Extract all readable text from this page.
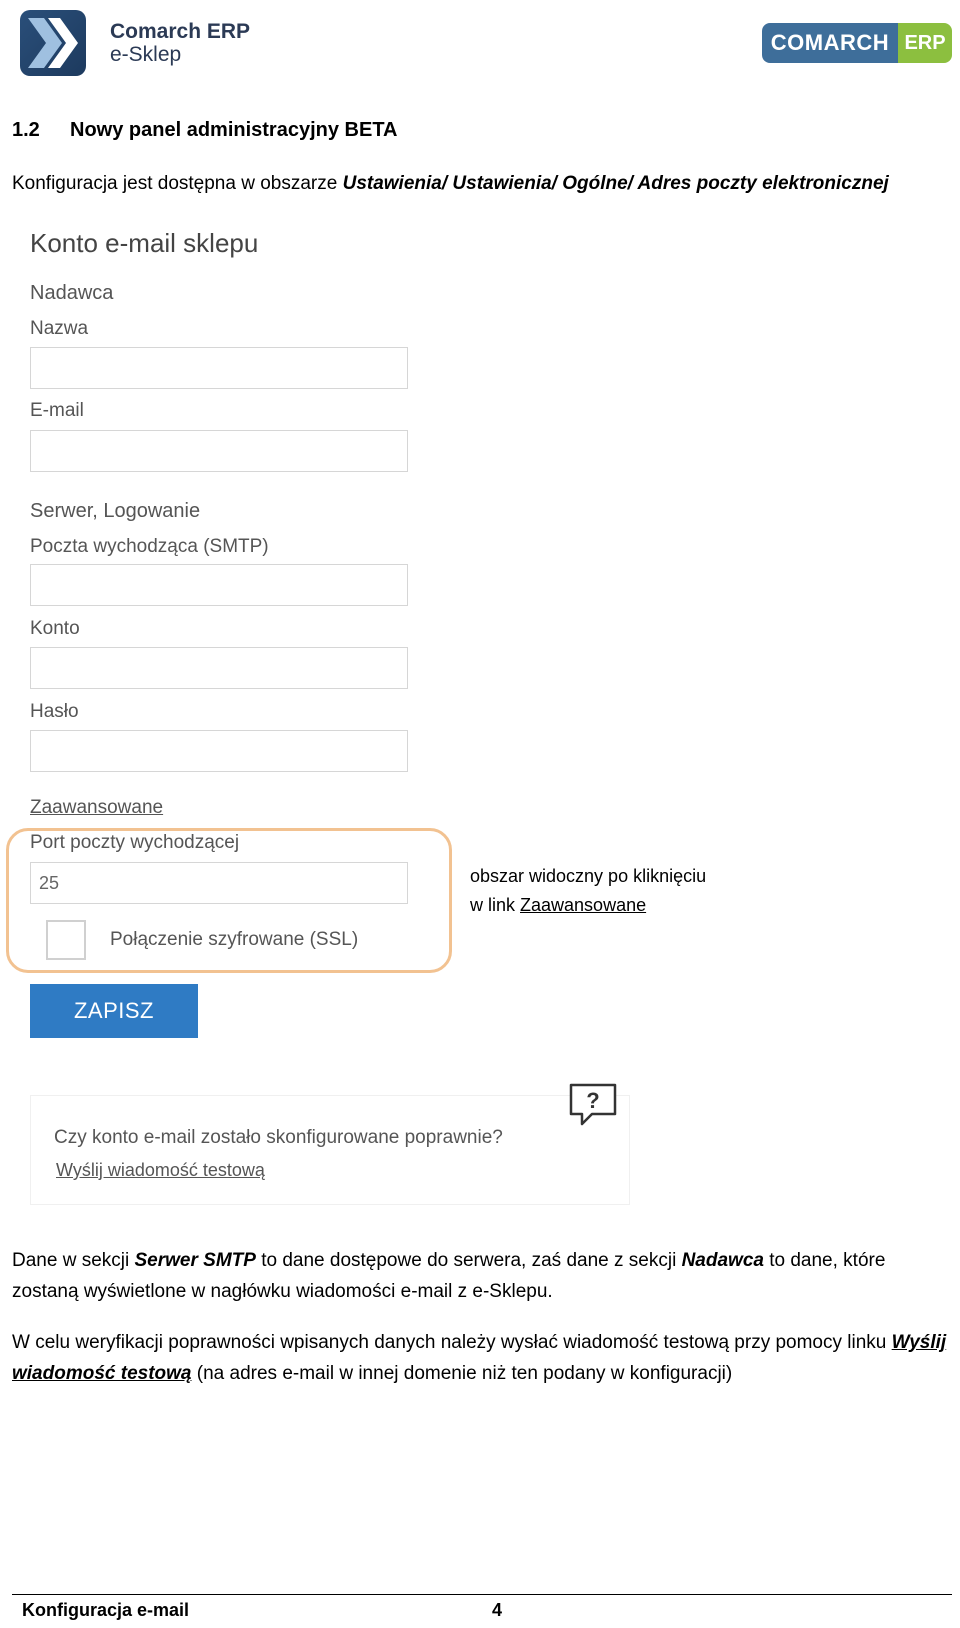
Comarch ERP
e-Sklep	COMARCH ERP
1.2 Nowy panel administracyjny BETA
Konfiguracja jest dostępna w obszarze Ustawienia/ Ustawienia/ Ogólne/ Adres poczty elektronicznej
Konto e-mail sklepu
Nadawca
Nazwa
E-mail
Serwer, Logowanie
Poczta wychodząca (SMTP)
Konto
Hasło
Zaawansowane
Port poczty wychodzącej
25
Połączenie szyfrowane (SSL)
ZAPISZ
obszar widoczny po kliknięciu
w link Zaawansowane
Czy konto e-mail zostało skonfigurowane poprawnie?
Wyślij wiadomość testową
?
Dane w sekcji Serwer SMTP to dane dostępowe do serwera, zaś dane z sekcji Nadawca to dane, które zostaną wyświetlone w nagłówku wiadomości e-mail z e-Sklepu.
W celu weryfikacji poprawności wpisanych danych należy wysłać wiadomość testową przy pomocy linku Wyślij wiadomość testową (na adres e-mail w innej domenie niż ten podany w konfiguracji)
Konfiguracja e-mail	4
